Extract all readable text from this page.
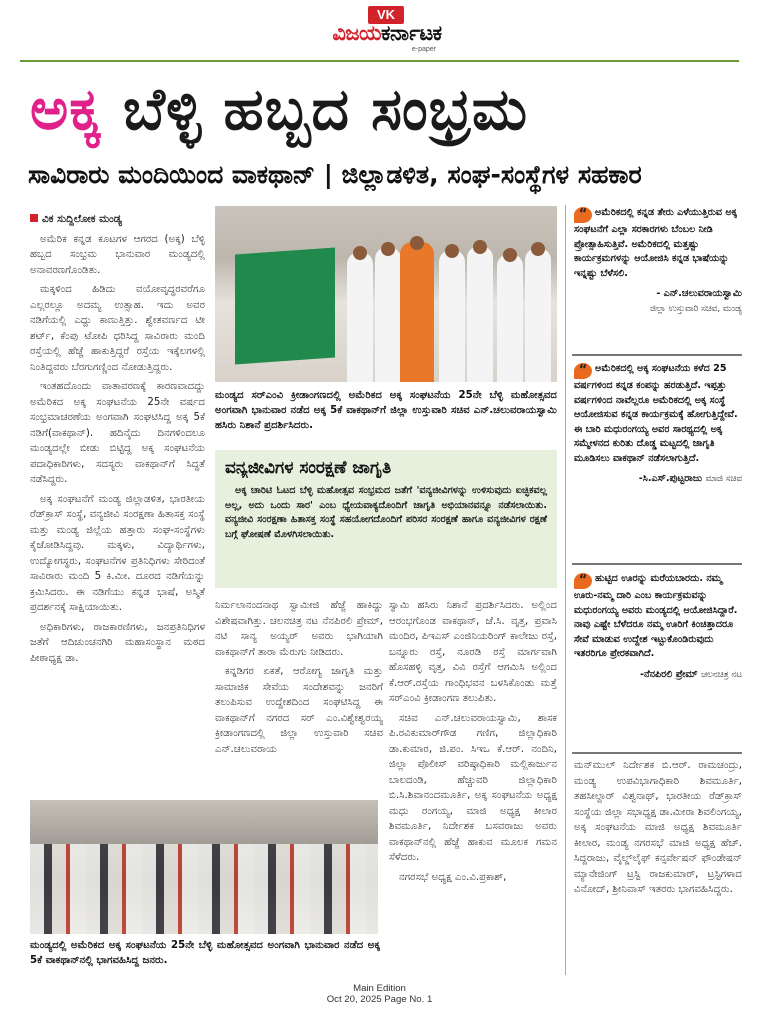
VK
ವಿಜಯಕರ್ನಾಟಕ
e-paper
ಅಕ್ಕ ಬೆಳ್ಳಿ ಹಬ್ಬದ ಸಂಭ್ರಮ
ಸಾವಿರಾರು ಮಂದಿಯಿಂದ ವಾಕಥಾನ್ | ಜಿಲ್ಲಾಡಳಿತ, ಸಂಘ-ಸಂಸ್ಥೆಗಳ ಸಹಕಾರ

ವಿಕ ಸುದ್ದಿಲೋಕ ಮಂಡ್ಯ

ಅಮೆರಿಕ ಕನ್ನಡ ಕೂಟಗಳ ಆಗರದ (ಅಕ್ಕ) ಬೆಳ್ಳಿ ಹಬ್ಬದ ಸಂಭ್ರಮ ಭಾನುವಾರ ಮಂಡ್ಯದಲ್ಲಿ ಅನಾವರಣಗೊಂಡಿತು.

ಮಕ್ಕಳಿಂದ ಹಿಡಿದು ವಯೋವೃದ್ಧರವರೆಗೂ ಎಲ್ಲರಲ್ಲೂ ಅದಮ್ಯ ಉತ್ಸಾಹ. ಇದು ಅವರ ನಡಿಗೆಯಲ್ಲಿ ಎದ್ದು ಕಾಣುತ್ತಿತ್ತು. ಶ್ವೇತವರ್ಣದ ಟೀ ಶರ್ಟ್‌, ಕೆಂಪು ಟೋಪಿ ಧರಿಸಿದ್ದ ಸಾವಿರಾರು ಮಂದಿ ರಸ್ತೆಯಲ್ಲಿ ಹೆಜ್ಜೆ ಹಾಕುತ್ತಿದ್ದರೆ ರಸ್ತೆಯ ಇಕ್ಕೆಲಗಳಲ್ಲಿ ನಿಂತಿದ್ದವರು ಬೆರಗುಗಣ್ಣಿಂದ ನೋಡುತ್ತಿದ್ದರು.

ಇಂತಹದೊಂದು ವಾತಾವರಣಕ್ಕೆ ಕಾರಣವಾದದ್ದು ಅಮೆರಿಕದ ಅಕ್ಕ ಸಂಘಟನೆಯ 25ನೇ ವರ್ಷದ ಸಂಭ್ರಮಾಚರಣೆಯ ಅಂಗವಾಗಿ ಸಂಘಟಿಸಿದ್ದ ಅಕ್ಕ 5ಕೆ ನಡಿಗೆ(ವಾಕಥಾನ್‌). ಹದಿನೈದು ದಿನಗಳಿಂದಲೂ ಮಂಡ್ಯದಲ್ಲೇ ಬೀಡು ಬಿಟ್ಟಿದ್ದ ಅಕ್ಕ ಸಂಘಟನೆಯ ಪದಾಧಿಕಾರಿಗಳು, ಸದಸ್ಯರು ವಾಕಥಾನ್‌ಗೆ ಸಿದ್ಧತೆ ನಡೆಸಿದ್ದರು.

ಅಕ್ಕ ಸಂಘಟನೆಗೆ ಮಂಡ್ಯ ಜಿಲ್ಲಾಡಳಿತ, ಭಾರತೀಯ ರೆಡ್‌ಕ್ರಾಸ್‌ ಸಂಸ್ಥೆ, ವನ್ಯಜೀವಿ ಸಂರಕ್ಷಣಾ ಹಿತಾಸಕ್ತ ಸಂಸ್ಥೆ ಮತ್ತು ಮಂಡ್ಯ ಜಿಲ್ಲೆಯ ಹತ್ತಾರು ಸಂಘ-ಸಂಸ್ಥೆಗಳು ಕೈಜೋಡಿಸಿದ್ದವು. ಮಕ್ಕಳು, ವಿದ್ಯಾರ್ಥಿಗಳು, ಉದ್ಯೋಗಸ್ಥರು, ಸಂಘಟನೆಗಳ ಪ್ರತಿನಿಧಿಗಳು ಸೇರಿದಂತೆ ಸಾವಿರಾರು ಮಂದಿ 5 ಕಿ.ಮೀ. ದೂರದ ನಡಿಗೆಯನ್ನು ಕ್ರಮಿಸಿದರು. ಈ ನಡಿಗೆಯು ಕನ್ನಡ ಭಾಷೆ, ಅಸ್ಮಿತೆ ಪ್ರದರ್ಶನಕ್ಕೆ ಸಾಕ್ಷಿಯಾಯಿತು.

ಅಧಿಕಾರಿಗಳು, ರಾಜಕಾರಣಿಗಳು, ಜನಪ್ರತಿನಿಧಿಗಳ ಜತೆಗೆ ಆದಿಚುಂಚನಗಿರಿ ಮಹಾಸಂಸ್ಥಾನ ಮಠದ ಪೀಠಾಧ್ಯಕ್ಷ ಡಾ.

ಮಂಡ್ಯದ ಸರ್‌ಎಂವಿ ಕ್ರೀಡಾಂಗಣದಲ್ಲಿ ಅಮೆರಿಕದ ಅಕ್ಕ ಸಂಘಟನೆಯ 25ನೇ ಬೆಳ್ಳಿ ಮಹೋತ್ಸವದ ಅಂಗವಾಗಿ ಭಾನುವಾರ ನಡೆದ ಅಕ್ಕ 5ಕೆ ವಾಕಥಾನ್‌ಗೆ ಜಿಲ್ಲಾ ಉಸ್ತುವಾರಿ ಸಚಿವ ಎನ್‌.ಚಲುವರಾಯಸ್ವಾಮಿ ಹಸಿರು ನಿಶಾನೆ ಪ್ರದರ್ಶಿಸಿದರು.
ವನ್ಯಜೀವಿಗಳ ಸಂರಕ್ಷಣೆ ಜಾಗೃತಿ
ಅಕ್ಕ ಚಾರಿಟಿ ಓಟದ ಬೆಳ್ಳಿ ಮಹೋತ್ಸವ ಸಂಭ್ರಮದ ಜತೆಗೆ 'ವನ್ಯಜೀವಿಗಳನ್ನು ಉಳಿಸುವುದು ಐಚ್ಛಿಕವಲ್ಲ ಅಲ್ಲ, ಅದು ಒಂದು ಸಾರ' ಎಂಬ ಧ್ಯೇಯವಾಕ್ಯದೊಂದಿಗೆ ಜಾಗೃತಿ ಅಭಿಯಾನವನ್ನೂ ನಡೆಸಲಾಯಿತು. ವನ್ಯಜೀವಿ ಸಂರಕ್ಷಣಾ ಹಿತಾಸಕ್ತ ಸಂಸ್ಥೆ ಸಹಯೋಗದೊಂದಿಗೆ ಪರಿಸರ ಸಂರಕ್ಷಣೆ ಹಾಗೂ ವನ್ಯಜೀವಿಗಳ ರಕ್ಷಣೆ ಬಗ್ಗೆ ಘೋಷಣೆ ಮೊಳಗಿಸಲಾಯಿತು.

ನಿರ್ಮಲಾನಂದನಾಥ ಸ್ವಾಮೀಜಿ ಹೆಜ್ಜೆ ಹಾಕಿದ್ದು ವಿಶೇಷವಾಗಿತ್ತು. ಚಲನಚಿತ್ರ ನಟ ನೆನಪಿರಲಿ ಪ್ರೇಮ್‌, ನಟಿ ಸಾನ್ಯ ಅಯ್ಯರ್‌ ಅವರು ಭಾಗಿಯಾಗಿ ವಾಕಥಾನ್‌ಗೆ ತಾರಾ ಮೆರುಗು ನೀಡಿದರು.

ಕನ್ನಡಿಗರ ಏಕತೆ, ಆರೋಗ್ಯ ಜಾಗೃತಿ ಮತ್ತು ಸಾಮಾಜಿಕ ಸೇವೆಯ ಸಂದೇಶವನ್ನು ಜನರಿಗೆ ತಲುಪಿಸುವ ಉದ್ದೇಶದಿಂದ ಸಂಘಟಿಸಿದ್ದ ಈ ವಾಕಥಾನ್‌ಗೆ ನಗರದ ಸರ್‌ ಎಂ.ವಿಶ್ವೇಶ್ವರಯ್ಯ ಕ್ರೀಡಾಂಗಣದಲ್ಲಿ ಜಿಲ್ಲಾ ಉಸ್ತುವಾರಿ ಸಚಿವ ಎನ್‌.ಚಲುವರಾಯ

ಸ್ವಾಮಿ ಹಸಿರು ನಿಶಾನೆ ಪ್ರದರ್ಶಿಸಿದರು. ಅಲ್ಲಿಂದ ಆರಂಭಗೊಂಡ ವಾಕಥಾನ್‌, ಜೆ.ಸಿ. ವೃತ್ತ, ಪ್ರವಾಸಿ ಮಂದಿರ, ಪಿಇಎಸ್‌ ಎಂಜಿನಿಯರಿಂಗ್‌ ಕಾಲೇಜು ರಸ್ತೆ, ಬನ್ನೂರು ರಸ್ತೆ, ನೂರಡಿ ರಸ್ತೆ ಮಾರ್ಗವಾಗಿ ಹೊಸಹಳ್ಳಿ ವೃತ್ತ, ವಿವಿ ರಸ್ತೆಗೆ ಆಗಮಿಸಿ ಅಲ್ಲಿಂದ ಕೆ.ಆರ್‌.ರಸ್ತೆಯ ಗಾಂಧಿಭವನ ಬಳಸಿಕೊಂಡು ಮತ್ತೆ ಸರ್‌ಎಂವಿ ಕ್ರೀಡಾಂಗಣ ತಲುಪಿತು.

ಸಚಿವ ಎನ್‌.ಚಲುವರಾಯಸ್ವಾಮಿ, ಶಾಸಕ ಪಿ.ರವಿಕುಮಾರ್‌ಗೌಡ ಗಣಿಗ, ಜಿಲ್ಲಾಧಿಕಾರಿ ಡಾ.ಕುಮಾರ, ಜಿ.ಪಂ. ಸಿಇಒ ಕೆ.ಆರ್‌. ನಂದಿನಿ, ಜಿಲ್ಲಾ ಪೊಲೀಸ್‌ ವರಿಷ್ಠಾಧಿಕಾರಿ ಮಲ್ಲಿಕಾರ್ಜುನ ಬಾಲದಂಡಿ, ಹೆಚ್ಚುವರಿ ಜಿಲ್ಲಾಧಿಕಾರಿ ಬಿ.ಸಿ.ಶಿವಾನಂದಮೂರ್ತಿ, ಅಕ್ಕ ಸಂಘಟನೆಯ ಅಧ್ಯಕ್ಷ ಮಧು ರಂಗಯ್ಯ, ಮಾಜಿ ಅಧ್ಯಕ್ಷ ಕೀಲಾರ ಶಿವಮೂರ್ತಿ, ನಿರ್ದೇಶಕ ಬಸವರಾಜು ಅವರು ವಾಕಥಾನ್‌ನಲ್ಲಿ ಹೆಜ್ಜೆ ಹಾಕುವ ಮೂಲಕ ಗಮನ ಸೆಳೆದರು.

ನಗರಸಭೆ ಅಧ್ಯಕ್ಷ ಎಂ.ವಿ.ಪ್ರಕಾಶ್‌,

ಮಂಡ್ಯದಲ್ಲಿ ಅಮೆರಿಕದ ಅಕ್ಕ ಸಂಘಟನೆಯ 25ನೇ ಬೆಳ್ಳಿ ಮಹೋತ್ಸವದ ಅಂಗವಾಗಿ ಭಾನುವಾರ ನಡೆದ ಅಕ್ಕ 5ಕೆ ವಾಕಥಾನ್‌ನಲ್ಲಿ ಭಾಗವಹಿಸಿದ್ದ ಜನರು.
“ ಅಮೆರಿಕದಲ್ಲಿ ಕನ್ನಡ ತೇರು ಎಳೆಯುತ್ತಿರುವ ಅಕ್ಕ ಸಂಘಟನೆಗೆ ಎಲ್ಲಾ ಸರಕಾರಗಳು ಬೆಂಬಲ ನೀಡಿ ಪ್ರೋತ್ಸಾಹಿಸುತ್ತಿವೆ. ಅಮೆರಿಕದಲ್ಲಿ ಮತ್ತಷ್ಟು ಕಾರ್ಯಕ್ರಮಗಳನ್ನು ಆಯೋಜಿಸಿ ಕನ್ನಡ ಭಾಷೆಯನ್ನು ಇನ್ನಷ್ಟು ಬೆಳೆಸಲಿ.
- ಎನ್‌.ಚಲುವರಾಯಸ್ವಾಮಿ
ಜಿಲ್ಲಾ ಉಸ್ತುವಾರಿ ಸಚಿವ, ಮಂಡ್ಯ
“ ಅಮೆರಿಕದಲ್ಲಿ ಅಕ್ಕ ಸಂಘಟನೆಯ ಕಳೆದ 25 ವರ್ಷಗಳಿಂದ ಕನ್ನಡ ಕಂಪನ್ನು ಹರಡುತ್ತಿದೆ. ಇಪ್ಪತ್ತು ವರ್ಷಗಳಿಂದ ನಾವೆಲ್ಲರೂ ಅಮೆರಿಕದಲ್ಲಿ ಅಕ್ಕ ಸಂಸ್ಥೆ ಆಯೋಜಿಸುವ ಕನ್ನಡ ಕಾರ್ಯಕ್ರಮಕ್ಕೆ ಹೋಗುತ್ತಿದ್ದೇವೆ. ಈ ಬಾರಿ ಮಧುರಂಗಯ್ಯ ಅವರ ಸಾರಥ್ಯದಲ್ಲಿ ಅಕ್ಕ ಸಮ್ಮೇಳನದ ಕುರಿತು ದೊಡ್ಡ ಮಟ್ಟದಲ್ಲಿ ಜಾಗೃತಿ ಮೂಡಿಸಲು ವಾಕಥಾನ್‌ ನಡೆಸಲಾಗುತ್ತಿದೆ.
-ಸಿ.ಎಸ್‌.ಪುಟ್ಟರಾಜು ಮಾಜಿ ಸಚಿವ
“ ಹುಟ್ಟಿದ ಊರನ್ನು ಮರೆಯಬಾರದು. ನಮ್ಮ ಊರು-ನಮ್ಮ ದಾರಿ ಎಂಬ ಕಾರ್ಯಕ್ರಮವನ್ನು ಮಧುರಂಗಯ್ಯ ಅವರು ಮಂಡ್ಯದಲ್ಲಿ ಆಯೋಜಿಸಿದ್ದಾರೆ. ನಾವು ಎಷ್ಟೇ ಬೆಳೆದರೂ ನಮ್ಮ ಊರಿಗೆ ಕಿಂಚಿತ್ತಾದರೂ ಸೇವೆ ಮಾಡುವ ಉದ್ದೇಶ ಇಟ್ಟುಕೊಂಡಿರುವುದು ಇತರರಿಗೂ ಪ್ರೇರಕವಾಗಿದೆ.
-ನೆನಪಿರಲಿ ಪ್ರೇಮ್‌ ಚಲನಚಿತ್ರ ನಟ

ಮನ್‌ಮುಲ್‌ ನಿರ್ದೇಶಕ ಬಿ.ಆರ್‌. ರಾಮಚಂದ್ರು, ಮಂಡ್ಯ ಉಪವಿಭಾಗಾಧಿಕಾರಿ ಶಿವಮೂರ್ತಿ, ತಹಸೀಲ್ದಾರ್‌ ವಿಶ್ವನಾಥ್‌, ಭಾರತೀಯ ರೆಡ್‌ಕ್ರಾಸ್‌ ಸಂಸ್ಥೆಯ ಜಿಲ್ಲಾ ಸಭಾಧ್ಯಕ್ಷ ಡಾ.ಮೀರಾ ಶಿವಲಿಂಗಯ್ಯ, ಅಕ್ಕ ಸಂಘಟನೆಯ ಮಾಜಿ ಅಧ್ಯಕ್ಷ ಶಿವಮೂರ್ತಿ ಕೀಲಾರ, ಮಂಡ್ಯ ನಗರಸಭೆ ಮಾಜಿ ಅಧ್ಯಕ್ಷ ಹೆಚ್‌. ಸಿದ್ದರಾಜು, ವೈಲ್ಡ್‌ಲೈಫ್‌ ಕನ್ಸರ್ವೇಷನ್‌ ಫೌಂಡೇಷನ್‌ ಮ್ಯಾನೇಜಿಂಗ್‌ ಟ್ರಸ್ಟಿ ರಾಜಕುಮಾರ್‌, ಟ್ರಸ್ಟಿಗಳಾದ ವಿನೋದ್‌, ಶ್ರೀನಿವಾಸ್‌ ಇತರರು ಭಾಗವಹಿಸಿದ್ದರು.

Main Edition
Oct 20, 2025 Page No. 1
